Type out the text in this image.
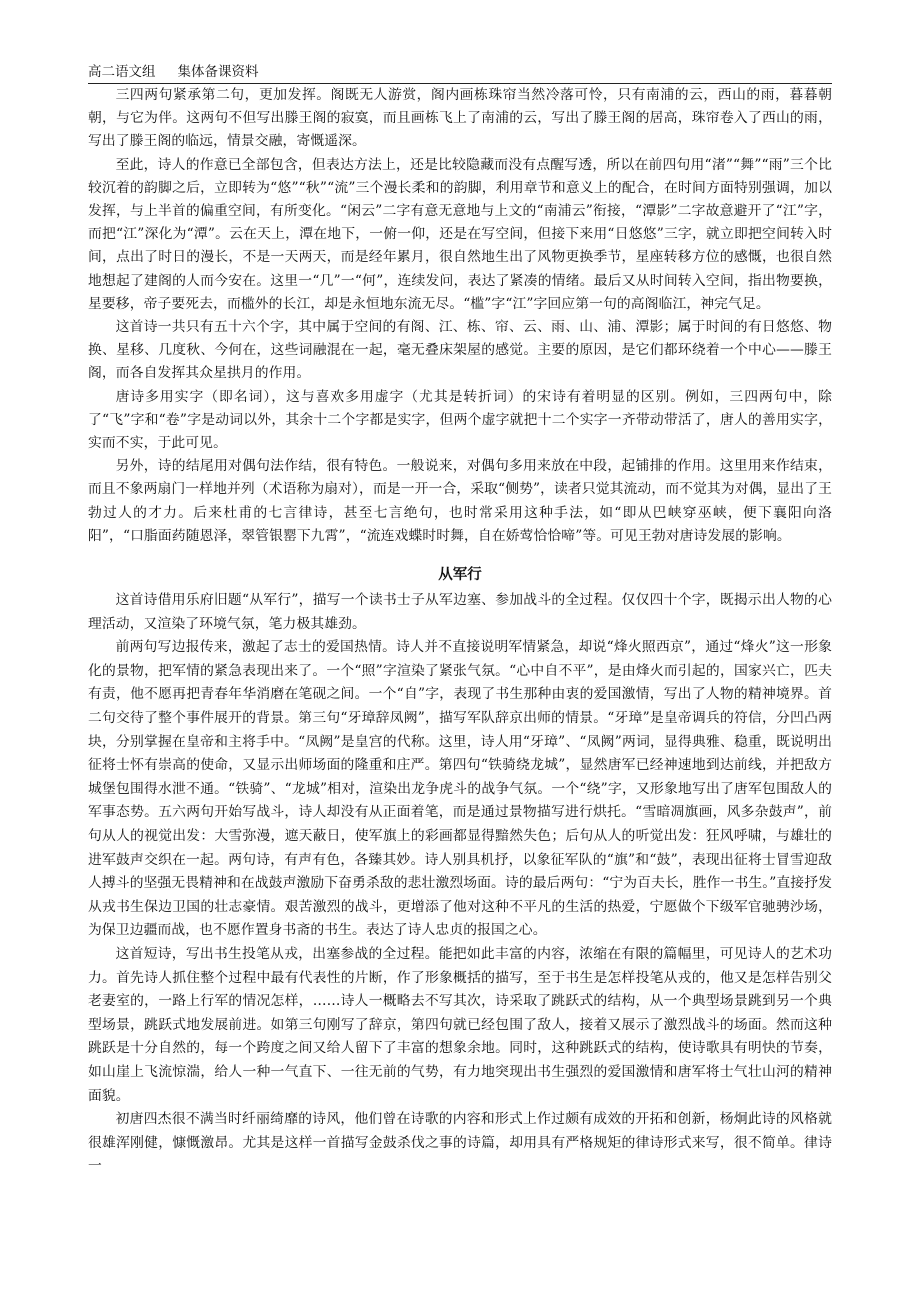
高二语文组 集体备课资料

三四两句紧承第二句，更加发挥。阁既无人游赏，阁内画栋珠帘当然冷落可怜，只有南浦的云，西山的雨，暮暮朝朝，与它为伴。这两句不但写出滕王阁的寂寞，而且画栋飞上了南浦的云，写出了滕王阁的居高，珠帘卷入了西山的雨，写出了滕王阁的临远，情景交融，寄慨遥深。

至此，诗人的作意已全部包含，但表达方法上，还是比较隐藏而没有点醒写透，所以在前四句用“渚”“舞”“雨”三个比较沉着的韵脚之后，立即转为“悠”“秋”“流”三个漫长柔和的韵脚，利用章节和意义上的配合，在时间方面特别强调，加以发挥，与上半首的偏重空间，有所变化。“闲云”二字有意无意地与上文的“南浦云”衔接，“潭影”二字故意避开了“江”字，而把“江”深化为“潭”。云在天上，潭在地下，一俯一仰，还是在写空间，但接下来用“日悠悠”三字，就立即把空间转入时间，点出了时日的漫长，不是一天两天，而是经年累月，很自然地生出了风物更换季节，星座转移方位的感慨，也很自然地想起了建阁的人而今安在。这里一“几”一“何”，连续发问，表达了紧凑的情绪。最后又从时间转入空间，指出物要换，星要移，帝子要死去，而槛外的长江，却是永恒地东流无尽。“槛”字“江”字回应第一句的高阁临江，神完气足。

这首诗一共只有五十六个字，其中属于空间的有阁、江、栋、帘、云、雨、山、浦、潭影；属于时间的有日悠悠、物换、星移、几度秋、今何在，这些词融混在一起，毫无叠床架屋的感觉。主要的原因，是它们都环绕着一个中心——滕王阁，而各自发挥其众星拱月的作用。

唐诗多用实字（即名词），这与喜欢多用虚字（尤其是转折词）的宋诗有着明显的区别。例如，三四两句中，除了“飞”字和“卷”字是动词以外，其余十二个字都是实字，但两个虚字就把十二个实字一齐带动带活了，唐人的善用实字，实而不实，于此可见。

另外，诗的结尾用对偶句法作结，很有特色。一般说来，对偶句多用来放在中段，起铺排的作用。这里用来作结束，而且不象两扇门一样地并列（术语称为扇对），而是一开一合，采取“侧势”，读者只觉其流动，而不觉其为对偶，显出了王勃过人的才力。后来杜甫的七言律诗，甚至七言绝句，也时常采用这种手法，如“即从巴峡穿巫峡，便下襄阳向洛阳”，“口脂面药随恩泽，翠管银罂下九霄”，“流连戏蝶时时舞，自在娇莺恰恰啼”等。可见王勃对唐诗发展的影响。

从军行

这首诗借用乐府旧题“从军行”，描写一个读书士子从军边塞、参加战斗的全过程。仅仅四十个字，既揭示出人物的心理活动，又渲染了环境气氛，笔力极其雄劲。

前两句写边报传来，激起了志士的爱国热情。诗人并不直接说明军情紧急，却说“烽火照西京”，通过“烽火”这一形象化的景物，把军情的紧急表现出来了。一个“照”字渲染了紧张气氛。“心中自不平”，是由烽火而引起的，国家兴亡，匹夫有责，他不愿再把青春年华消磨在笔砚之间。一个“自”字，表现了书生那种由衷的爱国激情，写出了人物的精神境界。首二句交待了整个事件展开的背景。第三句“牙璋辞凤阙”，描写军队辞京出师的情景。“牙璋”是皇帝调兵的符信，分凹凸两块，分别掌握在皇帝和主将手中。“凤阙”是皇宫的代称。这里，诗人用“牙璋”、“凤阙”两词，显得典雅、稳重，既说明出征将士怀有崇高的使命，又显示出师场面的隆重和庄严。第四句“铁骑绕龙城”，显然唐军已经神速地到达前线，并把敌方城堡包围得水泄不通。“铁骑”、“龙城”相对，渲染出龙争虎斗的战争气氛。一个“绕”字，又形象地写出了唐军包围敌人的军事态势。五六两句开始写战斗，诗人却没有从正面着笔，而是通过景物描写进行烘托。“雪暗凋旗画，风多杂鼓声”，前句从人的视觉出发：大雪弥漫，遮天蔽日，使军旗上的彩画都显得黯然失色；后句从人的听觉出发：狂风呼啸，与雄壮的进军鼓声交织在一起。两句诗，有声有色，各臻其妙。诗人别具机抒，以象征军队的“旗”和“鼓”，表现出征将士冒雪迎敌人搏斗的坚强无畏精神和在战鼓声激励下奋勇杀敌的悲壮激烈场面。诗的最后两句：“宁为百夫长，胜作一书生。”直接抒发从戎书生保边卫国的壮志豪情。艰苦激烈的战斗，更增添了他对这种不平凡的生活的热爱，宁愿做个下级军官驰骋沙场，为保卫边疆而战，也不愿作置身书斋的书生。表达了诗人忠贞的报国之心。

这首短诗，写出书生投笔从戎，出塞参战的全过程。能把如此丰富的内容，浓缩在有限的篇幅里，可见诗人的艺术功力。首先诗人抓住整个过程中最有代表性的片断，作了形象概括的描写，至于书生是怎样投笔从戎的，他又是怎样告别父老妻室的，一路上行军的情况怎样，……诗人一概略去不写其次，诗采取了跳跃式的结构，从一个典型场景跳到另一个典型场景，跳跃式地发展前进。如第三句刚写了辞京，第四句就已经包围了敌人，接着又展示了激烈战斗的场面。然而这种跳跃是十分自然的，每一个跨度之间又给人留下了丰富的想象余地。同时，这种跳跃式的结构，使诗歌具有明快的节奏，如山崖上飞流惊湍，给人一种一气直下、一往无前的气势，有力地突现出书生强烈的爱国激情和唐军将士气壮山河的精神面貌。

初唐四杰很不满当时纤丽绮靡的诗风，他们曾在诗歌的内容和形式上作过颇有成效的开拓和创新，杨炯此诗的风格就很雄浑刚健，慷慨激昂。尤其是这样一首描写金鼓杀伐之事的诗篇，却用具有严格规矩的律诗形式来写，很不简单。律诗一
